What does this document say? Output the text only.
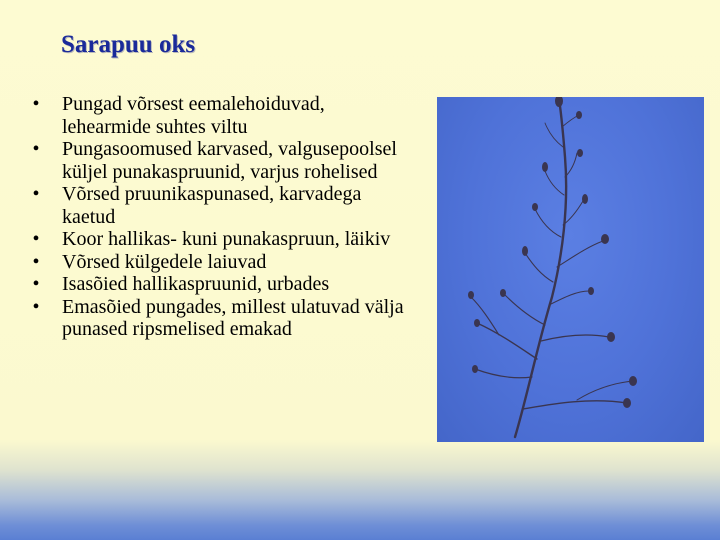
Sarapuu oks
•	Pungad võrsest eemalehoiduvad, lehearmide suhtes viltu
•	Pungasoomused karvased, valgusepoolsel küljel punakaspruunid, varjus rohelised
•	Võrsed pruunikaspunased, karvadega kaetud
•	Koor hallikas- kuni punakaspruun, läikiv
•	Võrsed külgedele laiuvad
•	Isasõied hallikaspruunid, urbades
•	Emasõied pungades, millest ulatuvad välja punased ripsmelised emakad
